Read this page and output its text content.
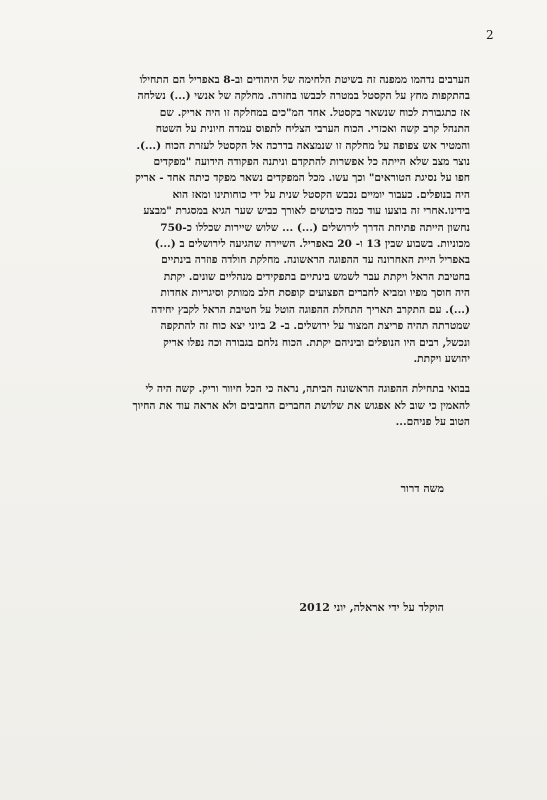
2
הערבים נדהמו ממפנה זה בשיטת הלחימה של היהודים וב-8 באפריל הם התחילו
בהתקפות מחץ על הקסטל במטרה לכבשו בחזרה. מחלקה של אנשי (...) נשלחה
אז כתגבורת לכוח שנשאר בקסטל. אחד המ"כים במחלקה זו היה אריק. שם
התנהל קרב קשה ואכזרי. הכוח הערבי הצליח לתפוס עמדה חיונית על השטח
והמטיר אש צפופה על מחלקה זו שנמצאה בדרכה אל הקסטל לעזרת הכוח (...).
נוצר מצב שלא הייתה כל אפשרות להתקדם וניתנה הפקודה הידועה "מפקדים
חפו על נסיגת הטוראים" וכך עשו. מכל המפקדים נשאר מפקד כיתה אחד - אריק
היה בנופלים. כעבור יומיים נכבש הקסטל שנית על ידי כוחותינו ומאז הוא
בידינו.אחרי זה בוצעו עוד כמה כיבושים לאורך כביש שער הגיא במסגרת "מבצע
נחשון הייתה פתיחת הדרך לירושלים (...) ... שלוש שיירות שכללו כ-750
מכוניות. בשבוע שבין 13 ו- 20 באפריל. השיירה שהגיעה לירושלים ב (...)
באפריל היית האחרונה עד ההפוגה הראשונה. מחלקת חולדה פוזרה בינתיים
בחטיבת הראל ויקתת עבר לשמש בינתיים בתפקידים מנהליים שונים. יקתת
היה חוסך מפיו ומביא לחברים הפצועים קופסת חלב ממותק וסיגריות אחדות
(...). עם התקרב תאריך התחלת ההפוגה הוטל על חטיבת הראל לקבץ יחידה
שמטרתה תהיה פריצת המצור על ירושלים. ב- 2 ביוני יצא כוח זה להתקפה
ונכשל, רבים היו הנופלים וביניהם יקתת. הכוח נלחם בגבורה וכה נפלו אריק
יהושע ויקתת.
בבואי בתחילת ההפוגה הראשונה הביתה, נראה כי הכל חיוור וריק. קשה היה לי
להאמין כי שוב לא אפגוש את שלושת החברים החביבים ולא אראה עוד את החיוך
הטוב על פניהם...
משה דרור
הוקלד על ידי אראלה, יוני 2012
